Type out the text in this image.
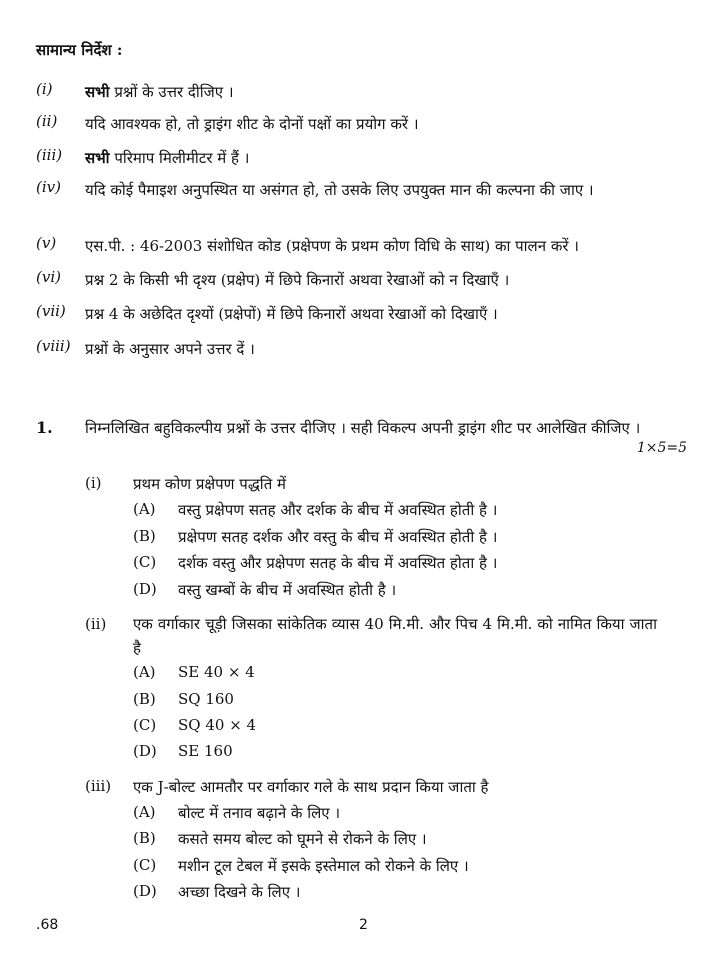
सामान्य निर्देश :
(i)	सभी प्रश्नों के उत्तर दीजिए ।
(ii)	यदि आवश्यक हो, तो ड्राइंग शीट के दोनों पक्षों का प्रयोग करें ।
(iii)	सभी परिमाप मिलीमीटर में हैं ।
(iv)	यदि कोई पैमाइश अनुपस्थित या असंगत हो, तो उसके लिए उपयुक्त मान की कल्पना की जाए ।
(v)	एस.पी. : 46-2003 संशोधित कोड (प्रक्षेपण के प्रथम कोण विधि के साथ) का पालन करें ।
(vi)	प्रश्न 2 के किसी भी दृश्य (प्रक्षेप) में छिपे किनारों अथवा रेखाओं को न दिखाएँ ।
(vii)	प्रश्न 4 के अछेदित दृश्यों (प्रक्षेपों) में छिपे किनारों अथवा रेखाओं को दिखाएँ ।
(viii) प्रश्नों के अनुसार अपने उत्तर दें ।
1. निम्नलिखित बहुविकल्पीय प्रश्नों के उत्तर दीजिए । सही विकल्प अपनी ड्राइंग शीट पर आलेखित कीजिए ।
1×5=5
(i) प्रथम कोण प्रक्षेपण पद्धति में
(A) वस्तु प्रक्षेपण सतह और दर्शक के बीच में अवस्थित होती है ।
(B) प्रक्षेपण सतह दर्शक और वस्तु के बीच में अवस्थित होती है ।
(C) दर्शक वस्तु और प्रक्षेपण सतह के बीच में अवस्थित होता है ।
(D) वस्तु खम्बों के बीच में अवस्थित होती है ।
(ii) एक वर्गाकार चूड़ी जिसका सांकेतिक व्यास 40 मि.मी. और पिच 4 मि.मी. को नामित किया जाता है
(A) SE 40 × 4
(B) SQ 160
(C) SQ 40 × 4
(D) SE 160
(iii) एक J-बोल्ट आमतौर पर वर्गाकार गले के साथ प्रदान किया जाता है
(A) बोल्ट में तनाव बढ़ाने के लिए ।
(B) कसते समय बोल्ट को घूमने से रोकने के लिए ।
(C) मशीन टूल टेबल में इसके इस्तेमाल को रोकने के लिए ।
(D) अच्छा दिखने के लिए ।
.68	2
